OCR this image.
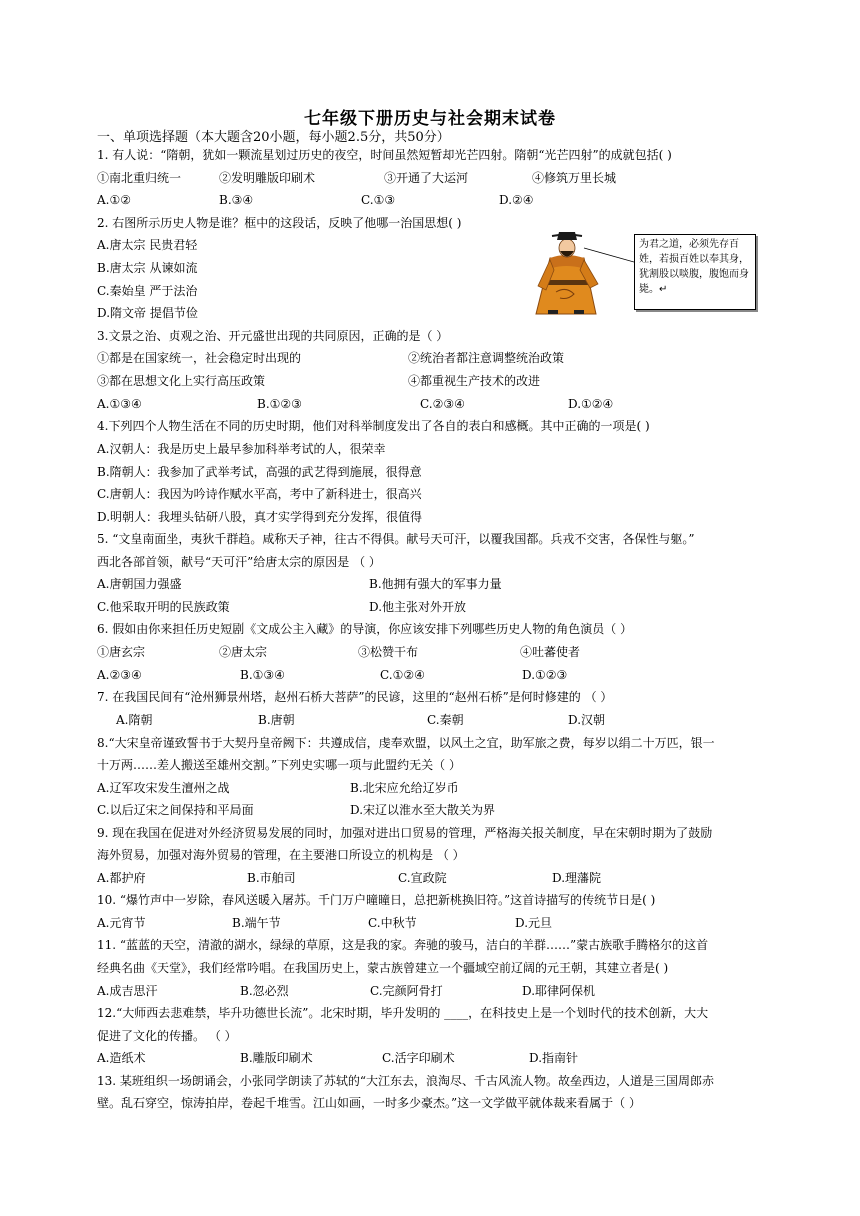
七年级下册历史与社会期末试卷
一、单项选择题（本大题含20小题，每小题2.5分，共50分）
1. 有人说：“隋朝，犹如一颗流星划过历史的夜空，时间虽然短暂却光芒四射。隋朝“光芒四射”的成就包括( )
①南北重归统一	②发明雕版印刷术	③开通了大运河	④修筑万里长城
A.①②	B.③④	C.①③	D.②④
2. 右图所示历史人物是谁？框中的这段话，反映了他哪一治国思想( )
A.唐太宗 民贵君轻
B.唐太宗 从谏如流
C.秦始皇 严于法治
D.隋文帝 提倡节俭
为君之道，必须先存百姓，若损百姓以奉其身，犹割股以啖腹，腹饱而身毙。↵
3.文景之治、贞观之治、开元盛世出现的共同原因，正确的是（ ）
①都是在国家统一，社会稳定时出现的	②统治者都注意调整统治政策
③都在思想文化上实行高压政策	④都重视生产技术的改进
A.①③④	B.①②③	C.②③④	D.①②④
4.下列四个人物生活在不同的历史时期，他们对科举制度发出了各自的表白和感概。其中正确的一项是( )
A.汉朝人：我是历史上最早参加科举考试的人，很荣幸
B.隋朝人：我参加了武举考试，高强的武艺得到施展，很得意
C.唐朝人：我因为吟诗作赋水平高，考中了新科进士，很高兴
D.明朝人：我埋头钻研八股，真才实学得到充分发挥，很值得
5. “文皇南面坐，夷狄千群趋。咸称天子神，往古不得俱。献号天可汗，以覆我国都。兵戎不交害，各保性与躯。”
西北各部首领，献号“天可汗”给唐太宗的原因是 （ ）
A.唐朝国力强盛	B.他拥有强大的军事力量
C.他采取开明的民族政策	D.他主张对外开放
6. 假如由你来担任历史短剧《文成公主入藏》的导演，你应该安排下列哪些历史人物的角色演员（ ）
①唐玄宗	②唐太宗	③松赞干布	④吐蕃使者
A.②③④	B.①③④	C.①②④	D.①②③
7. 在我国民间有“沧州狮景州塔，赵州石桥大菩萨”的民谚，这里的“赵州石桥”是何时修建的 （ ）
A.隋朝	B.唐朝	C.秦朝	D.汉朝
8.“大宋皇帝谨致誓书于大契丹皇帝阙下：共遵成信，虔奉欢盟，以风土之宜，助军旅之费，每岁以绢二十万匹，银一
十万两……差人搬送至雄州交割。”下列史实哪一项与此盟约无关（ ）
A.辽军攻宋发生澶州之战	B.北宋应允给辽岁币
C.以后辽宋之间保持和平局面	D.宋辽以淮水至大散关为界
9. 现在我国在促进对外经济贸易发展的同时，加强对进出口贸易的管理，严格海关报关制度，早在宋朝时期为了鼓励
海外贸易，加强对海外贸易的管理，在主要港口所设立的机构是 （ ）
A.都护府	B.市舶司	C.宣政院	D.理藩院
10. “爆竹声中一岁除，春风送暖入屠苏。千门万户曈曈日，总把新桃换旧符。”这首诗描写的传统节日是( )
A.元宵节	B.端午节	C.中秋节	D.元旦
11. “蓝蓝的天空，清澈的湖水，绿绿的草原，这是我的家。奔驰的骏马，洁白的羊群……”蒙古族歌手腾格尔的这首
经典名曲《天堂》，我们经常吟唱。在我国历史上，蒙古族曾建立一个疆域空前辽阔的元王朝，其建立者是( )
A.成吉思汗	B.忽必烈	C.完颜阿骨打	D.耶律阿保机
12.“大师西去悲难禁，毕升功德世长流”。北宋时期，毕升发明的 ____，在科技史上是一个划时代的技术创新，大大
促进了文化的传播。 （ ）
A.造纸术	B.雕版印刷术	C.活字印刷术	D.指南针
13. 某班组织一场朗诵会，小张同学朗读了苏轼的“大江东去，浪淘尽、千古风流人物。故垒西边，人道是三国周郎赤
壁。乱石穿空，惊涛拍岸，卷起千堆雪。江山如画，一时多少豪杰。”这一文学做平就体裁来看属于（ ）
